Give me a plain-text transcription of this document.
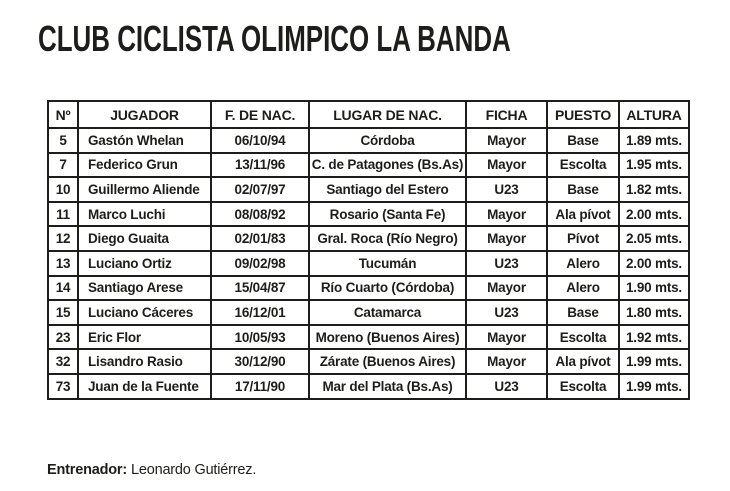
CLUB CICLISTA OLIMPICO LA BANDA
Nº	JUGADOR	F. DE NAC.	LUGAR DE NAC.	FICHA	PUESTO	ALTURA
5	Gastón Whelan	06/10/94	Córdoba	Mayor	Base	1.89 mts.
7	Federico Grun	13/11/96	C. de Patagones (Bs.As)	Mayor	Escolta	1.95 mts.
10	Guillermo Aliende	02/07/97	Santiago del Estero	U23	Base	1.82 mts.
11	Marco Luchi	08/08/92	Rosario (Santa Fe)	Mayor	Ala pívot	2.00 mts.
12	Diego Guaita	02/01/83	Gral. Roca (Río Negro)	Mayor	Pívot	2.05 mts.
13	Luciano Ortiz	09/02/98	Tucumán	U23	Alero	2.00 mts.
14	Santiago Arese	15/04/87	Río Cuarto (Córdoba)	Mayor	Alero	1.90 mts.
15	Luciano Cáceres	16/12/01	Catamarca	U23	Base	1.80 mts.
23	Eric Flor	10/05/93	Moreno (Buenos Aires)	Mayor	Escolta	1.92 mts.
32	Lisandro Rasio	30/12/90	Zárate (Buenos Aires)	Mayor	Ala pívot	1.99 mts.
73	Juan de la Fuente	17/11/90	Mar del Plata (Bs.As)	U23	Escolta	1.99 mts.
Entrenador: Leonardo Gutiérrez.
